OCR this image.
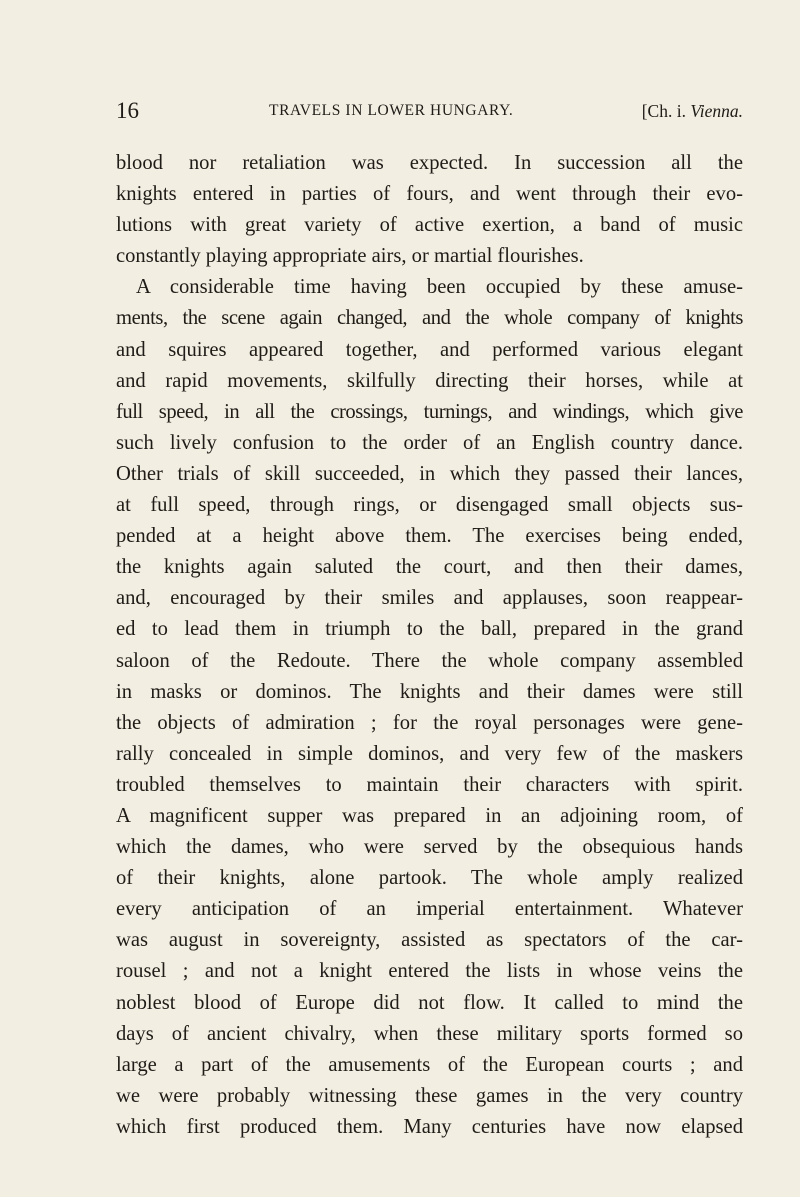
16	TRAVELS IN LOWER HUNGARY.	[Ch. i. Vienna.
blood nor retaliation was expected. In succession all the
knights entered in parties of fours, and went through their evo-
lutions with great variety of active exertion, a band of music
constantly playing appropriate airs, or martial flourishes.
A considerable time having been occupied by these amuse-
ments, the scene again changed, and the whole company of knights
and squires appeared together, and performed various elegant
and rapid movements, skilfully directing their horses, while at
full speed, in all the crossings, turnings, and windings, which give
such lively confusion to the order of an English country dance.
Other trials of skill succeeded, in which they passed their lances,
at full speed, through rings, or disengaged small objects sus-
pended at a height above them. The exercises being ended,
the knights again saluted the court, and then their dames,
and, encouraged by their smiles and applauses, soon reappear-
ed to lead them in triumph to the ball, prepared in the grand
saloon of the Redoute. There the whole company assembled
in masks or dominos. The knights and their dames were still
the objects of admiration ; for the royal personages were gene-
rally concealed in simple dominos, and very few of the maskers
troubled themselves to maintain their characters with spirit.
A magnificent supper was prepared in an adjoining room, of
which the dames, who were served by the obsequious hands
of their knights, alone partook. The whole amply realized
every anticipation of an imperial entertainment. Whatever
was august in sovereignty, assisted as spectators of the car-
rousel ; and not a knight entered the lists in whose veins the
noblest blood of Europe did not flow. It called to mind the
days of ancient chivalry, when these military sports formed so
large a part of the amusements of the European courts ; and
we were probably witnessing these games in the very country
which first produced them. Many centuries have now elapsed
